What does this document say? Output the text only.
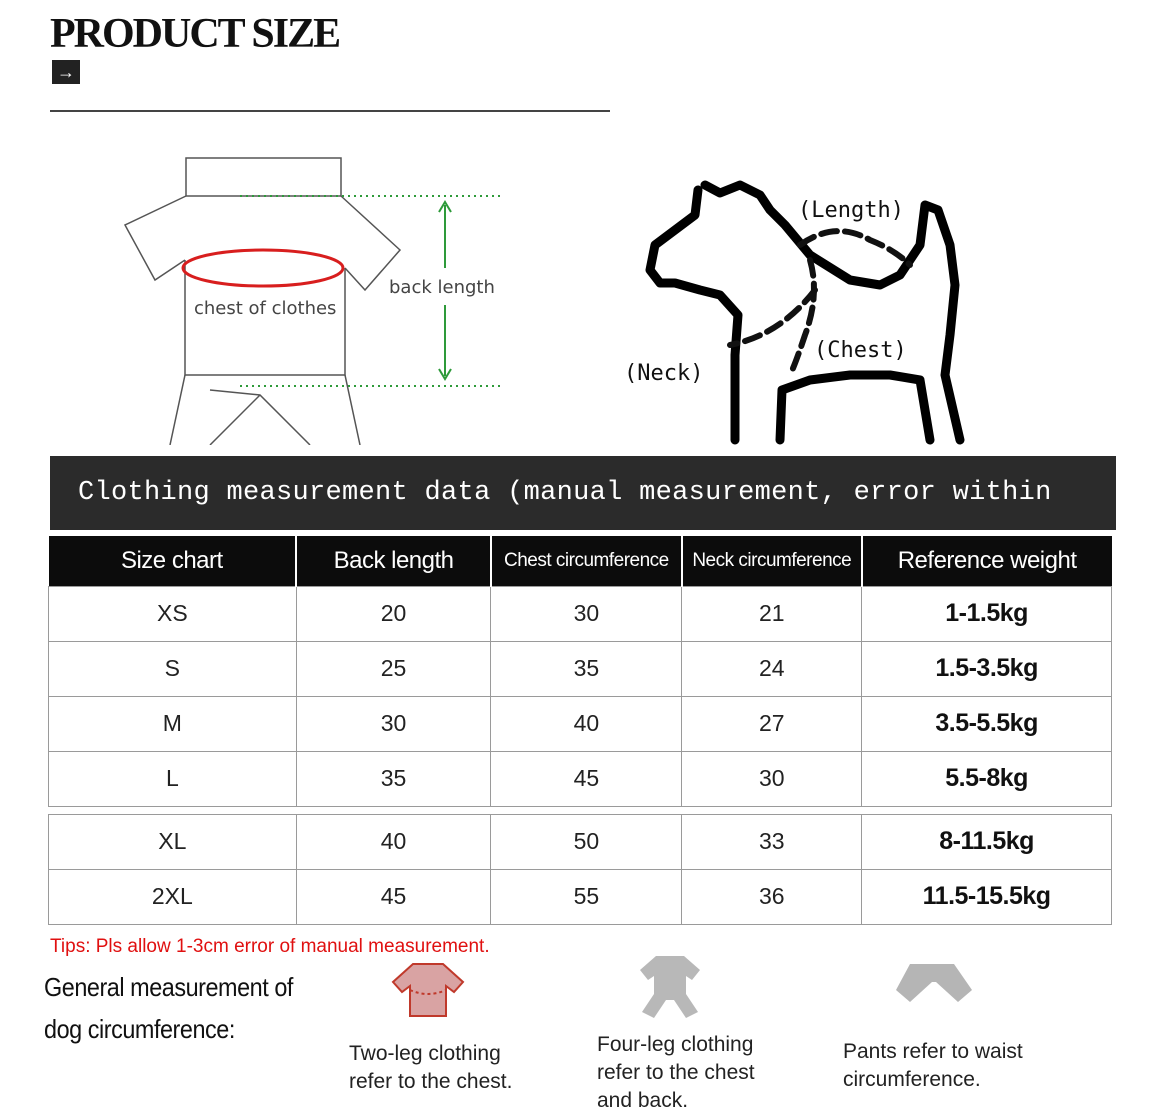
PRODUCT SIZE
→
chest of clothes
back length
(Length)
(Chest)
(Neck)
Clothing measurement data (manual measurement, error within
Size chart	Back length	Chest circumference	Neck circumference	Reference weight
XS	20	30	21	1-1.5kg
S	25	35	24	1.5-3.5kg
M	30	40	27	3.5-5.5kg
L	35	45	30	5.5-8kg

XL	40	50	33	8-11.5kg
2XL	45	55	36	11.5-15.5kg
Tips: Pls allow 1-3cm error of manual measurement.
General measurement of
dog circumference:
Two-leg clothing
refer to the chest.
Four-leg clothing
refer to the chest
and back.
Pants refer to waist
circumference.
